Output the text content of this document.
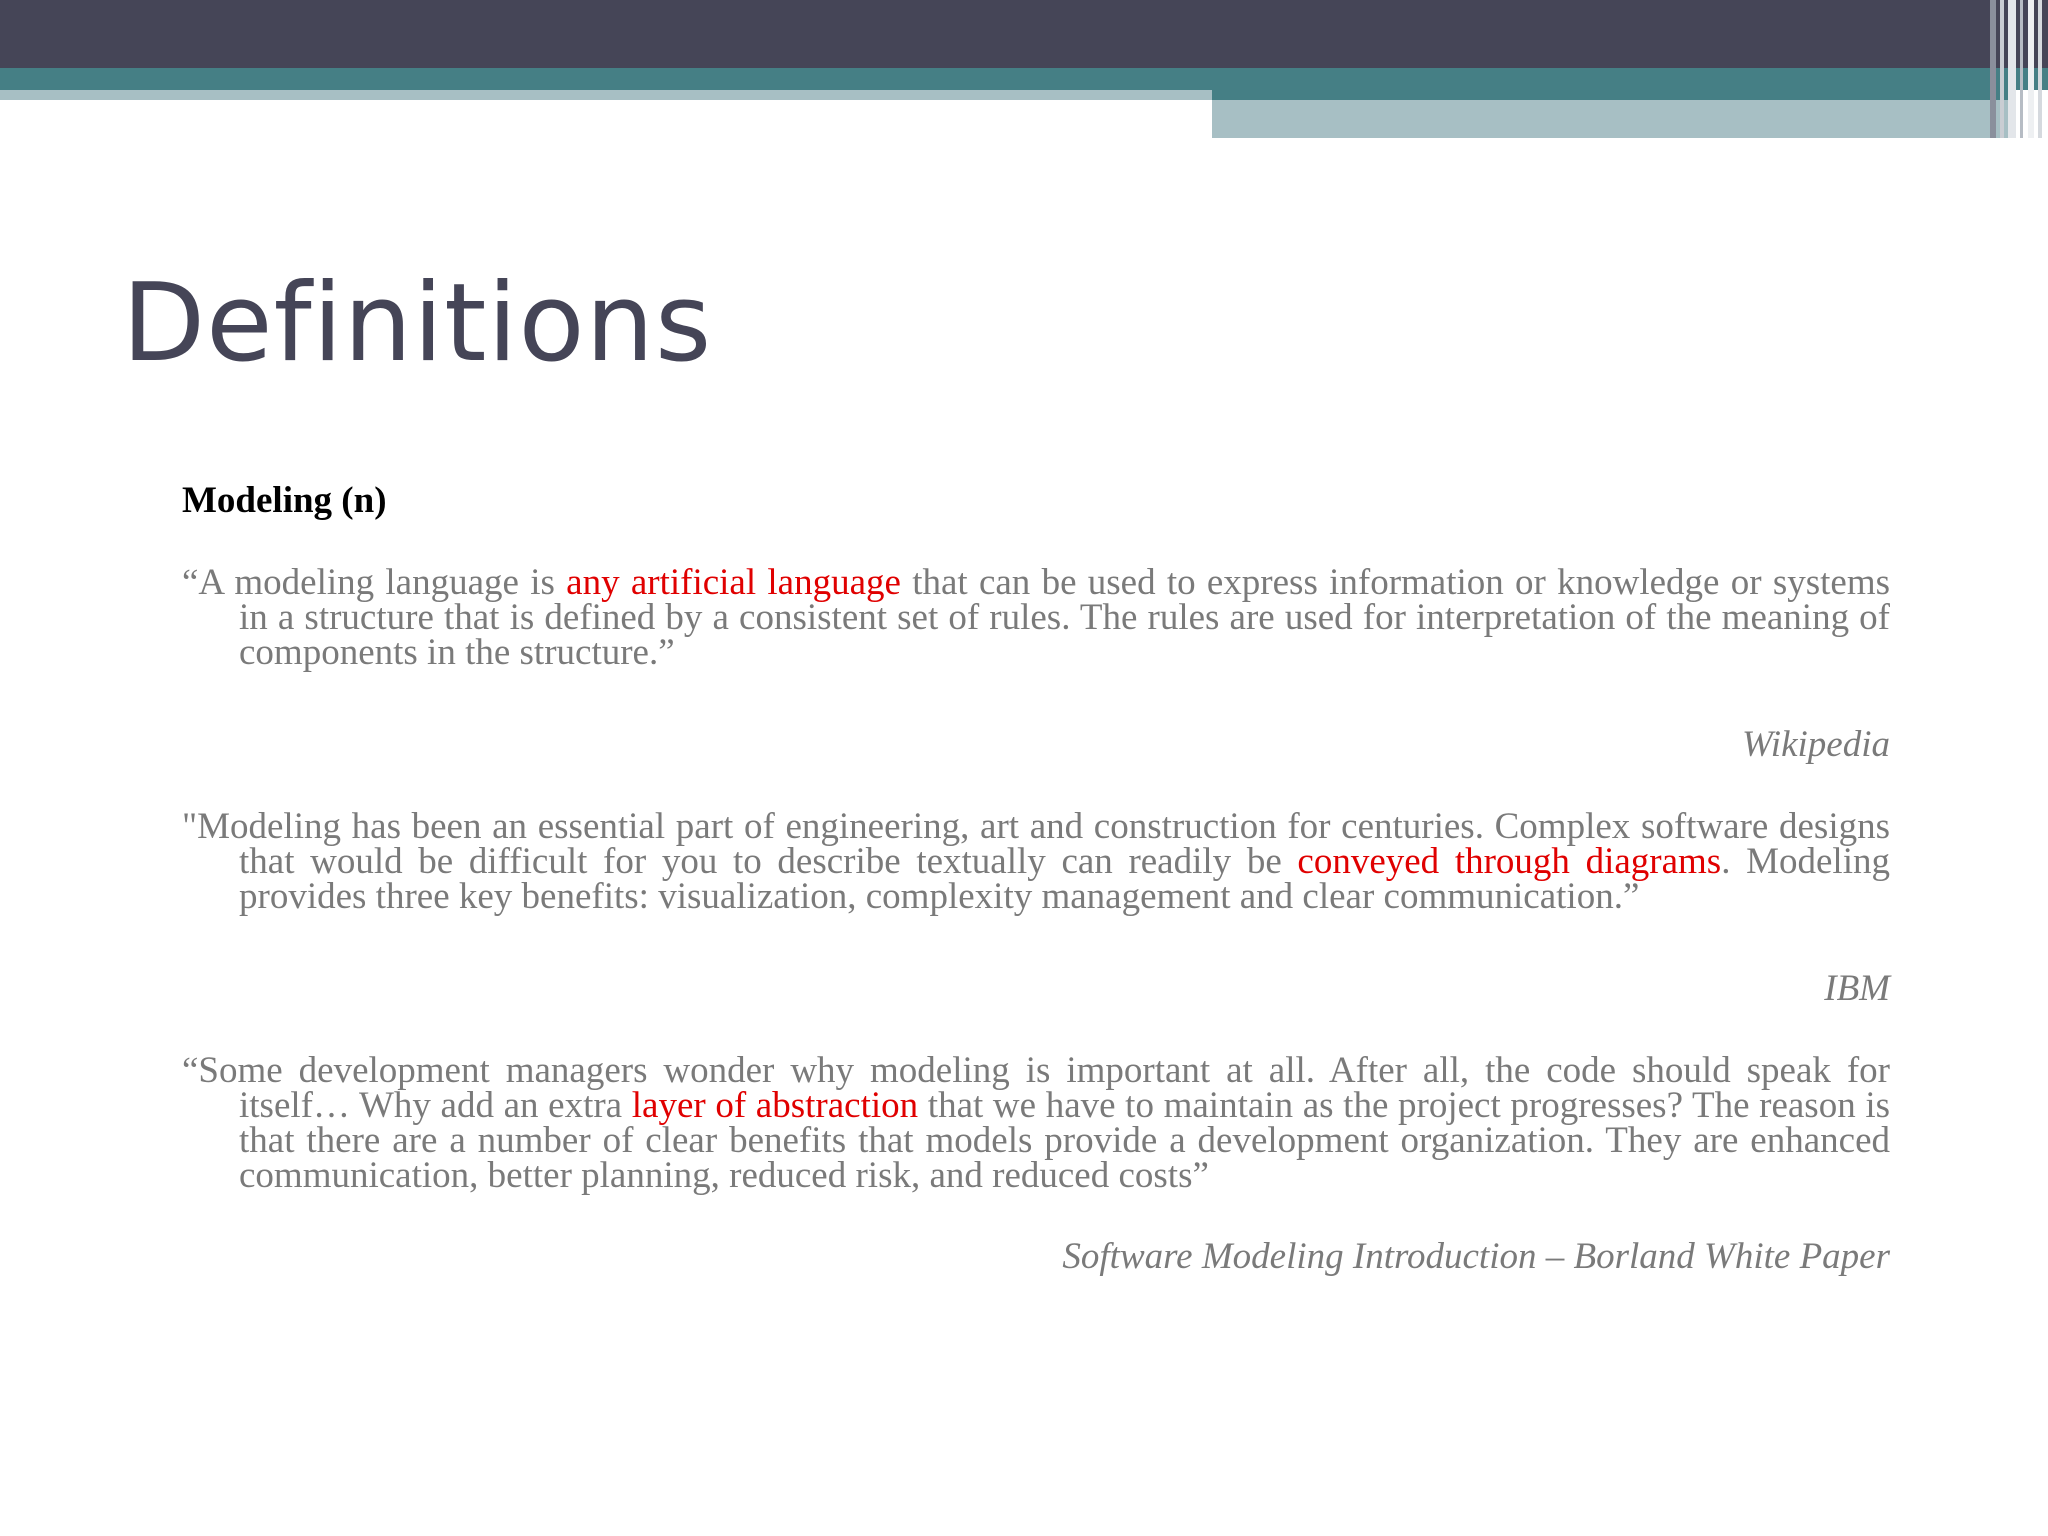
Definitions

Modeling (n)

“A modeling language is any artificial language that can be used to express information or knowledge or systems in a structure that is defined by a consistent set of rules. The rules are used for interpretation of the meaning of components in the structure.”

Wikipedia

"Modeling has been an essential part of engineering, art and construction for centuries. Complex software designs that would be difficult for you to describe textually can readily be conveyed through diagrams. Modeling provides three key benefits: visualization, complexity management and clear communication.”

IBM

“Some development managers wonder why modeling is important at all. After all, the code should speak for itself… Why add an extra layer of abstraction that we have to maintain as the project progresses? The reason is that there are a number of clear benefits that models provide a development organization. They are enhanced communication, better planning, reduced risk, and reduced costs”

Software Modeling Introduction – Borland White Paper
